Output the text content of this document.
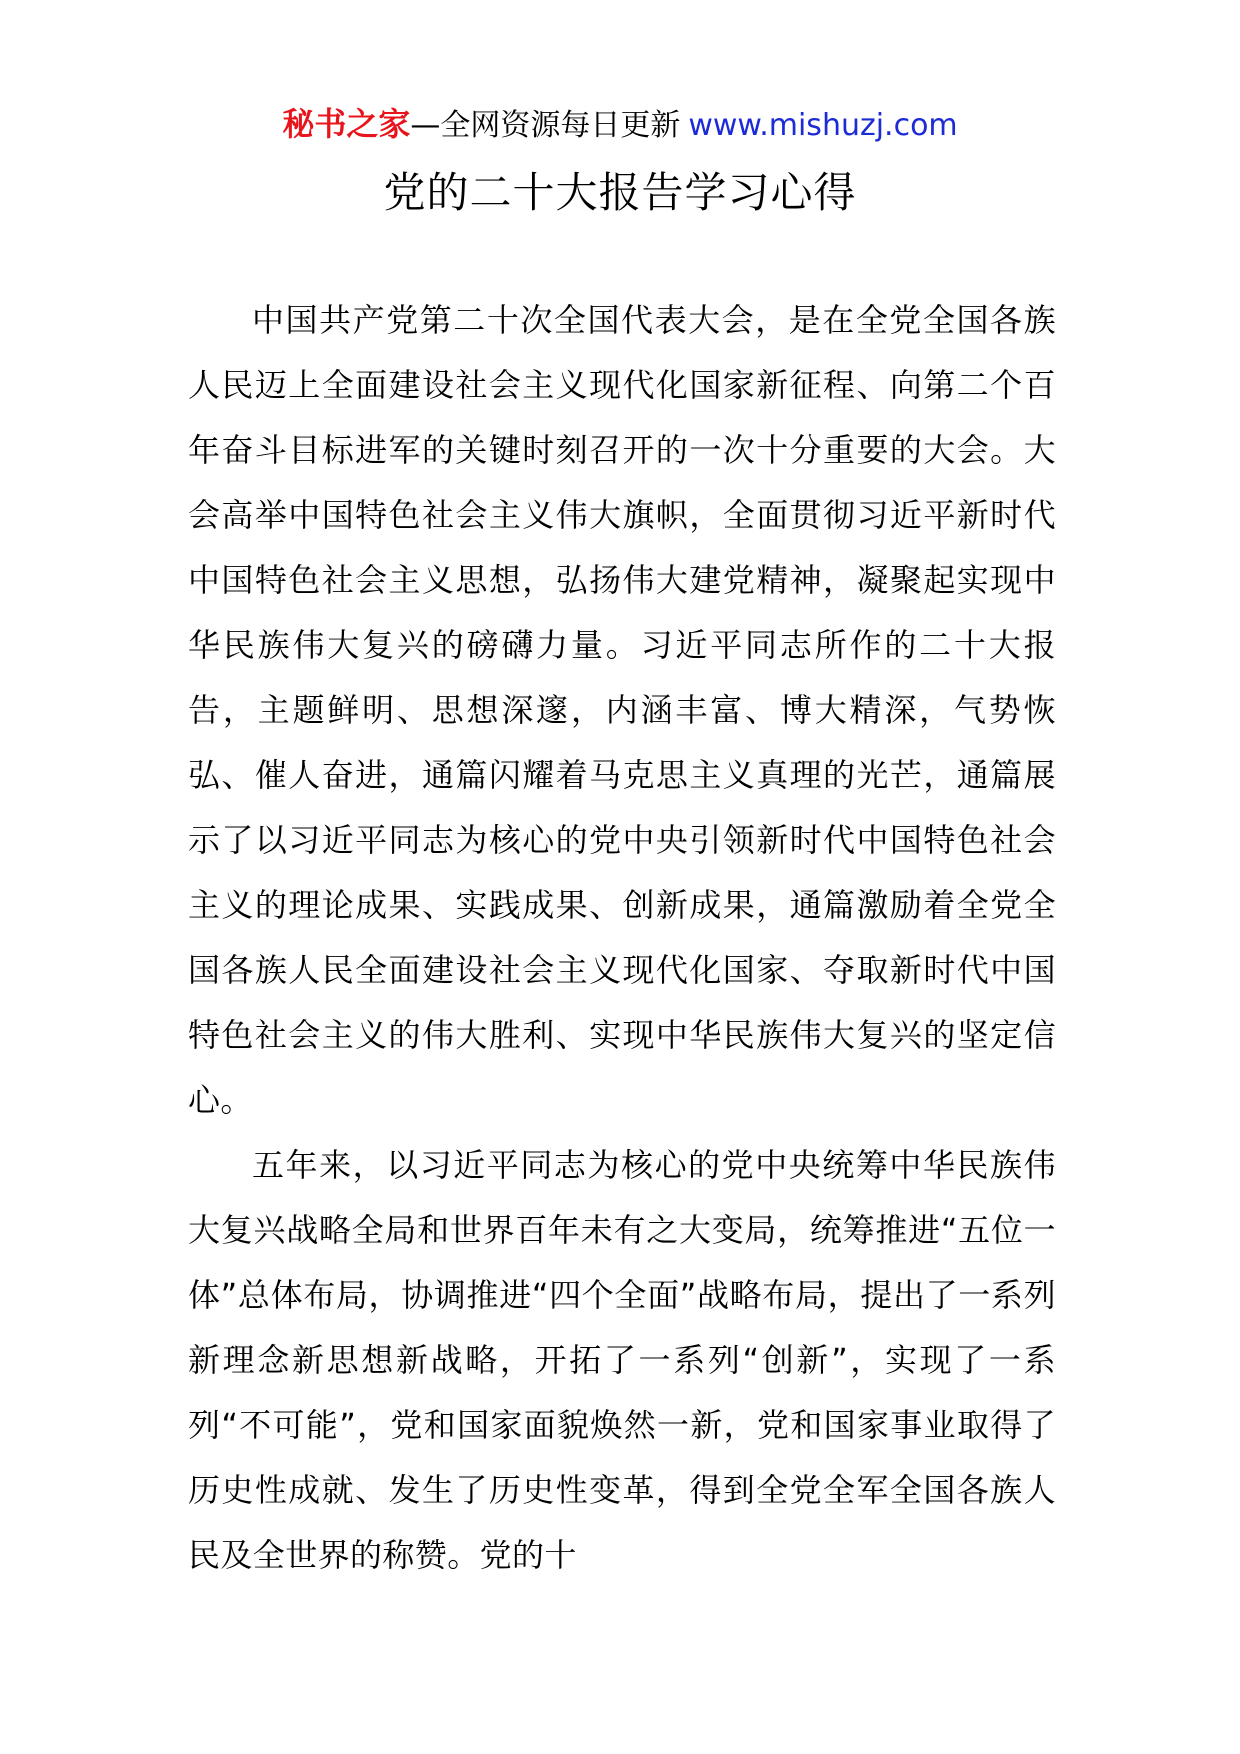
秘书之家—全网资源每日更新 www.mishuzj.com
党的二十大报告学习心得

中国共产党第二十次全国代表大会，是在全党全国各族人民迈上全面建设社会主义现代化国家新征程、向第二个百年奋斗目标进军的关键时刻召开的一次十分重要的大会。大会高举中国特色社会主义伟大旗帜，全面贯彻习近平新时代中国特色社会主义思想，弘扬伟大建党精神，凝聚起实现中华民族伟大复兴的磅礴力量。习近平同志所作的二十大报告，主题鲜明、思想深邃，内涵丰富、博大精深，气势恢弘、催人奋进，通篇闪耀着马克思主义真理的光芒，通篇展示了以习近平同志为核心的党中央引领新时代中国特色社会主义的理论成果、实践成果、创新成果，通篇激励着全党全国各族人民全面建设社会主义现代化国家、夺取新时代中国特色社会主义的伟大胜利、实现中华民族伟大复兴的坚定信心。

五年来，以习近平同志为核心的党中央统筹中华民族伟大复兴战略全局和世界百年未有之大变局，统筹推进“五位一体”总体布局，协调推进“四个全面”战略布局，提出了一系列新理念新思想新战略，开拓了一系列“创新”，实现了一系列“不可能”，党和国家面貌焕然一新，党和国家事业取得了历史性成就、发生了历史性变革，得到全党全军全国各族人民及全世界的称赞。党的十
